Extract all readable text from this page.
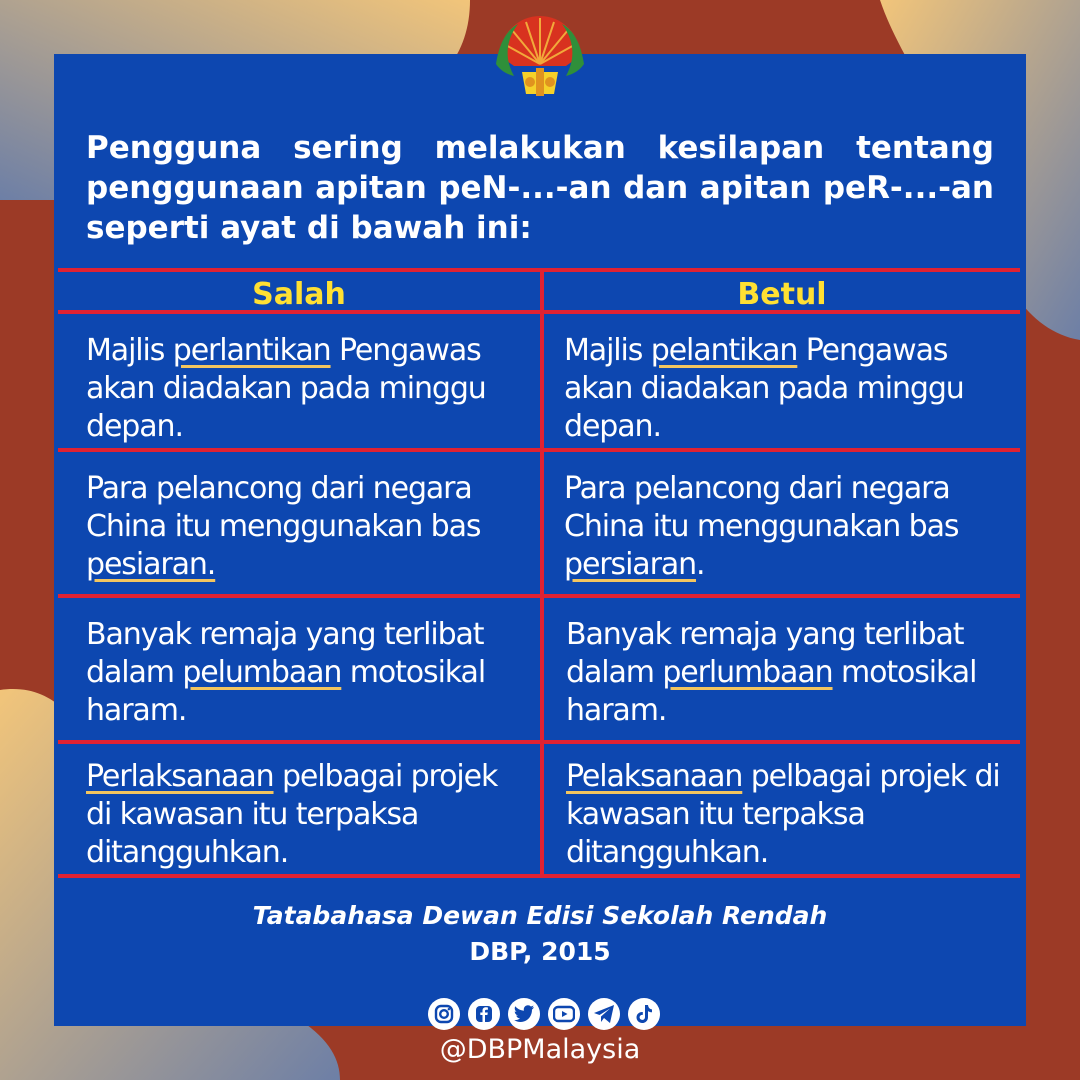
Pengguna sering melakukan kesilapan tentang penggunaan apitan peN-...-an dan apitan peR-...-an seperti ayat di bawah ini:

Salah	Betul
Majlis perlantikan Pengawas akan diadakan pada minggu depan.
Majlis pelantikan Pengawas akan diadakan pada minggu depan.
Para pelancong dari negara China itu menggunakan bas pesiaran.
Para pelancong dari negara China itu menggunakan bas persiaran.
Banyak remaja yang terlibat dalam pelumbaan motosikal haram.
Banyak remaja yang terlibat dalam perlumbaan motosikal haram.
Perlaksanaan pelbagai projek di kawasan itu terpaksa ditangguhkan.
Pelaksanaan pelbagai projek di kawasan itu terpaksa ditangguhkan.
Tatabahasa Dewan Edisi Sekolah Rendah
DBP, 2015
@DBPMalaysia
